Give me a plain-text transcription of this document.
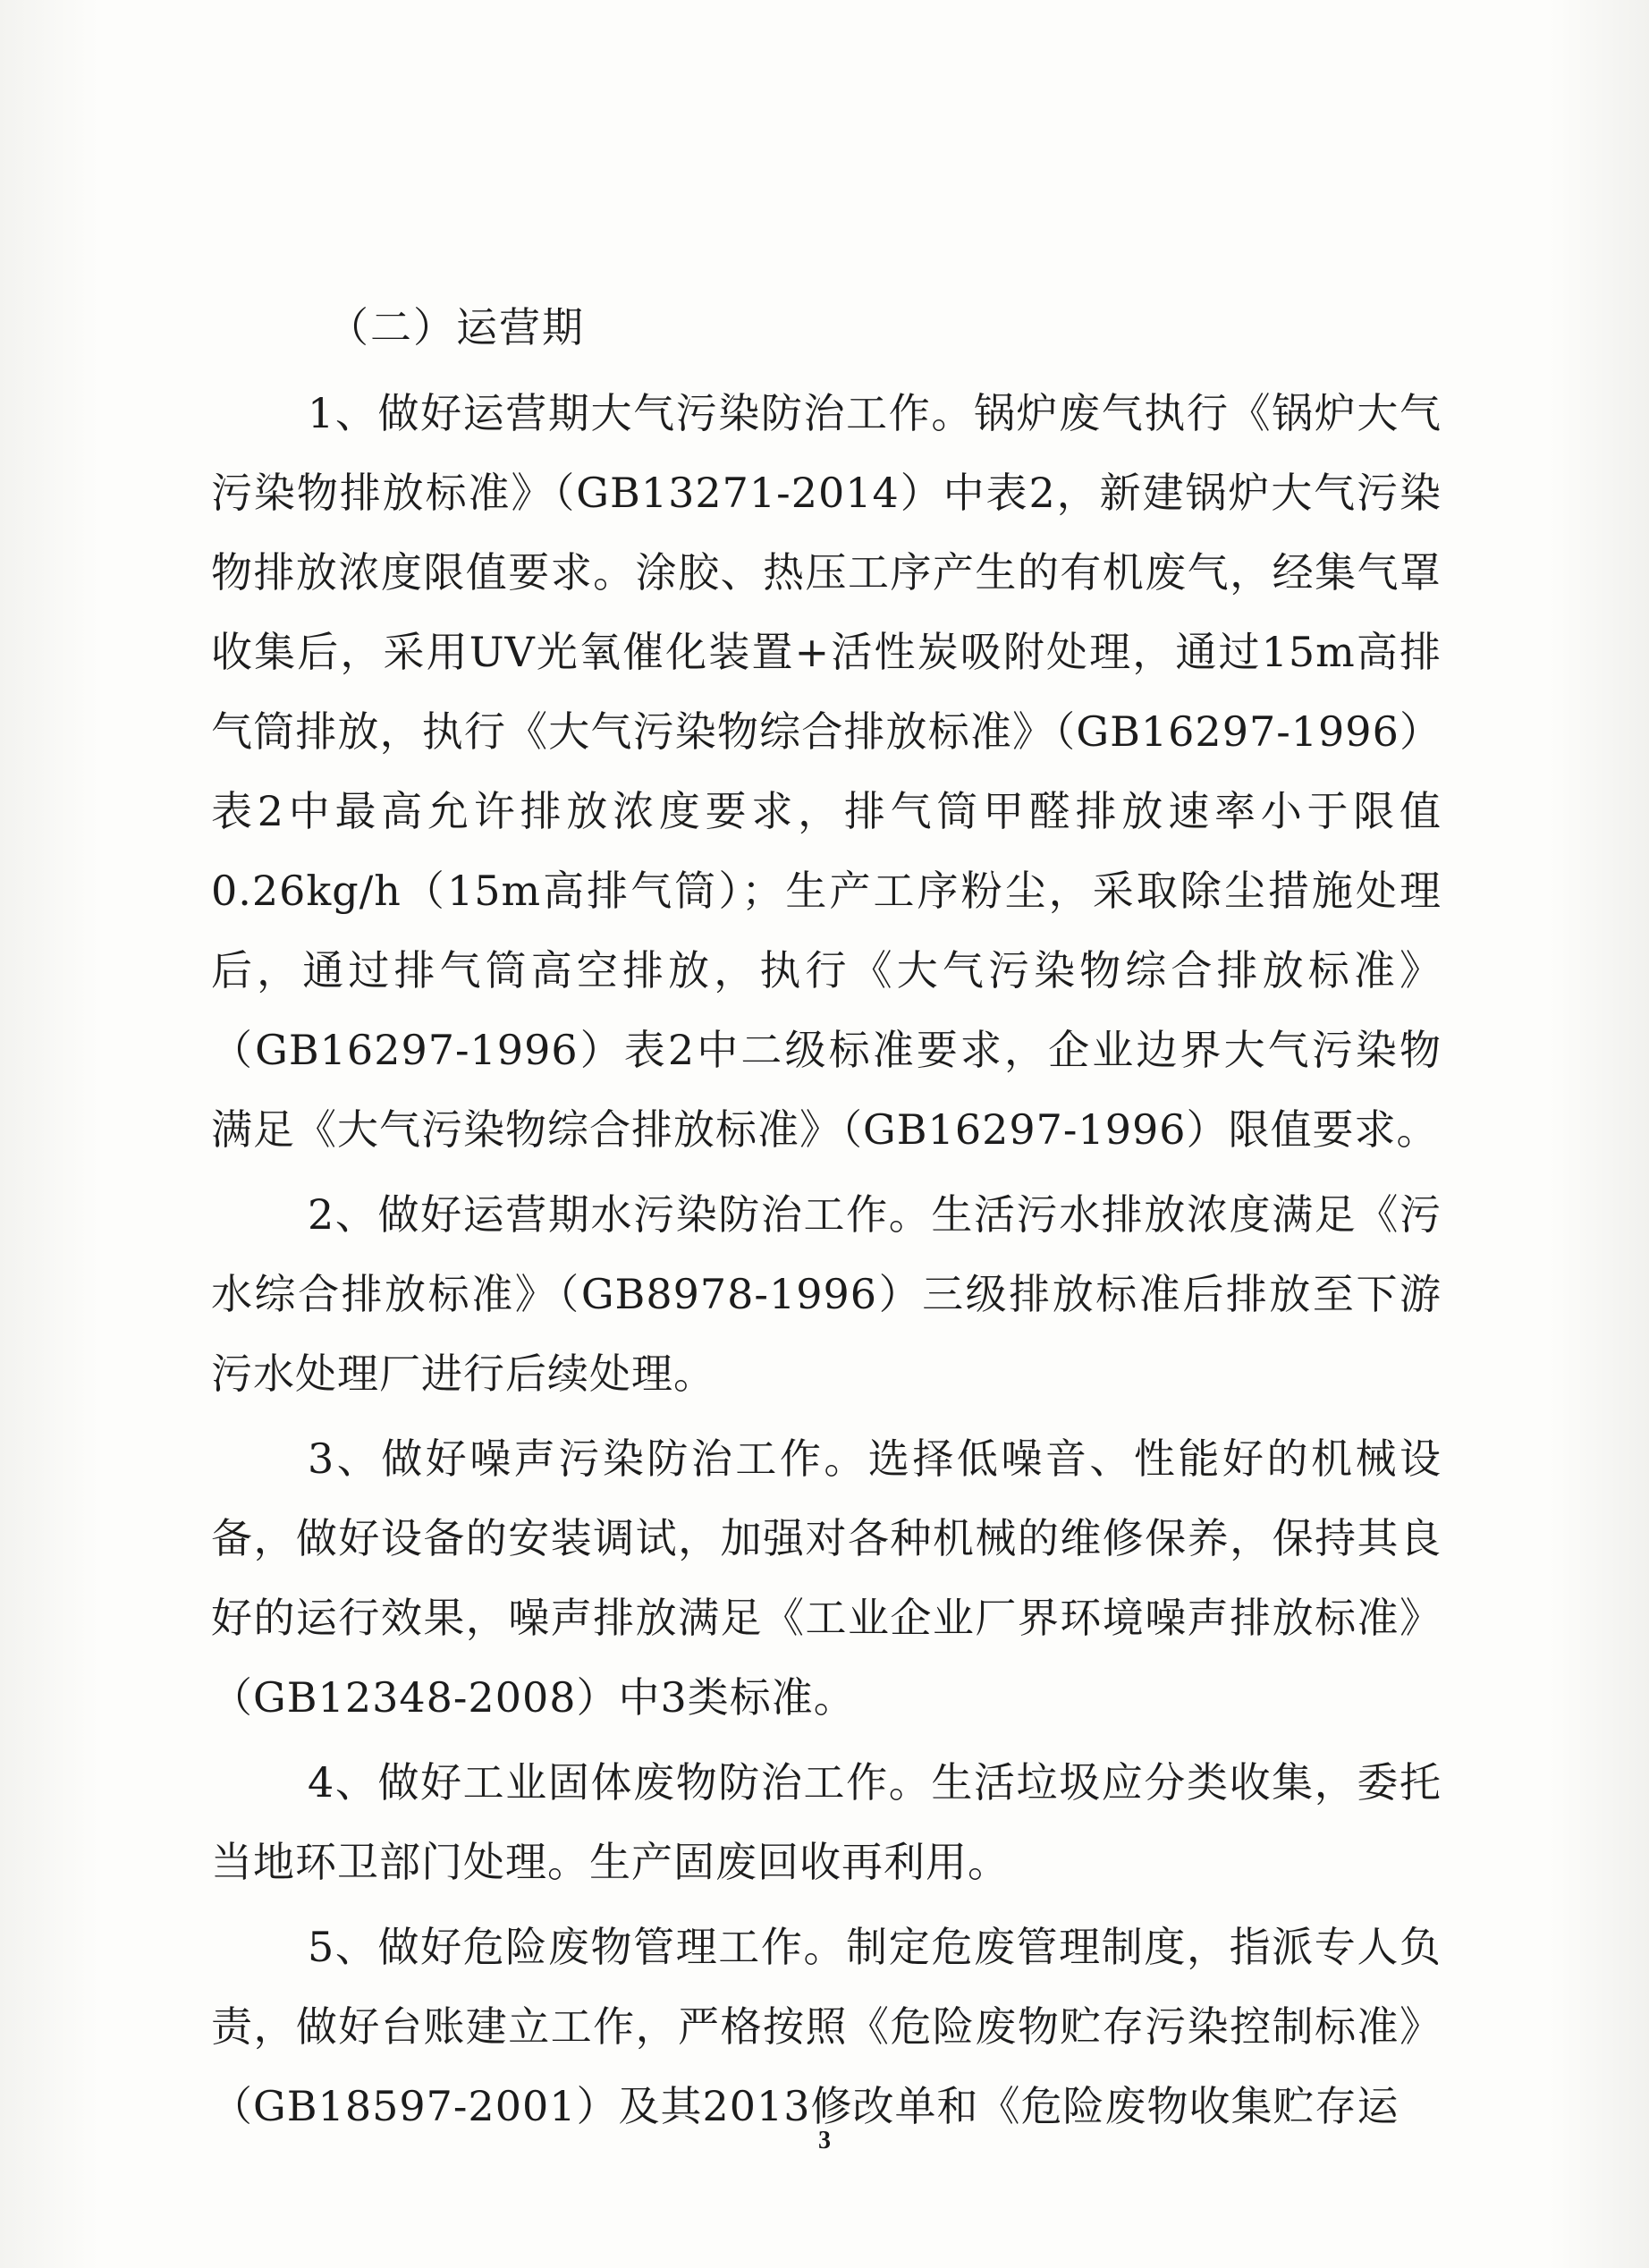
（二）运营期

1、做好运营期大气污染防治工作。锅炉废气执行《锅炉大气污染物排放标准》（GB13271-2014）中表2，新建锅炉大气污染物排放浓度限值要求。涂胶、热压工序产生的有机废气，经集气罩收集后，采用UV光氧催化装置+活性炭吸附处理，通过15m高排气筒排放，执行《大气污染物综合排放标准》（GB16297-1996）表2中最高允许排放浓度要求，排气筒甲醛排放速率小于限值0.26kg/h（15m高排气筒）；生产工序粉尘，采取除尘措施处理后，通过排气筒高空排放，执行《大气污染物综合排放标准》（GB16297-1996）表2中二级标准要求，企业边界大气污染物满足《大气污染物综合排放标准》（GB16297-1996）限值要求。

2、做好运营期水污染防治工作。生活污水排放浓度满足《污水综合排放标准》（GB8978-1996）三级排放标准后排放至下游污水处理厂进行后续处理。

3、做好噪声污染防治工作。选择低噪音、性能好的机械设备，做好设备的安装调试，加强对各种机械的维修保养，保持其良好的运行效果，噪声排放满足《工业企业厂界环境噪声排放标准》（GB12348-2008）中3类标准。

4、做好工业固体废物防治工作。生活垃圾应分类收集，委托当地环卫部门处理。生产固废回收再利用。

5、做好危险废物管理工作。制定危废管理制度，指派专人负责，做好台账建立工作，严格按照《危险废物贮存污染控制标准》（GB18597-2001）及其2013修改单和《危险废物收集贮存运

3
